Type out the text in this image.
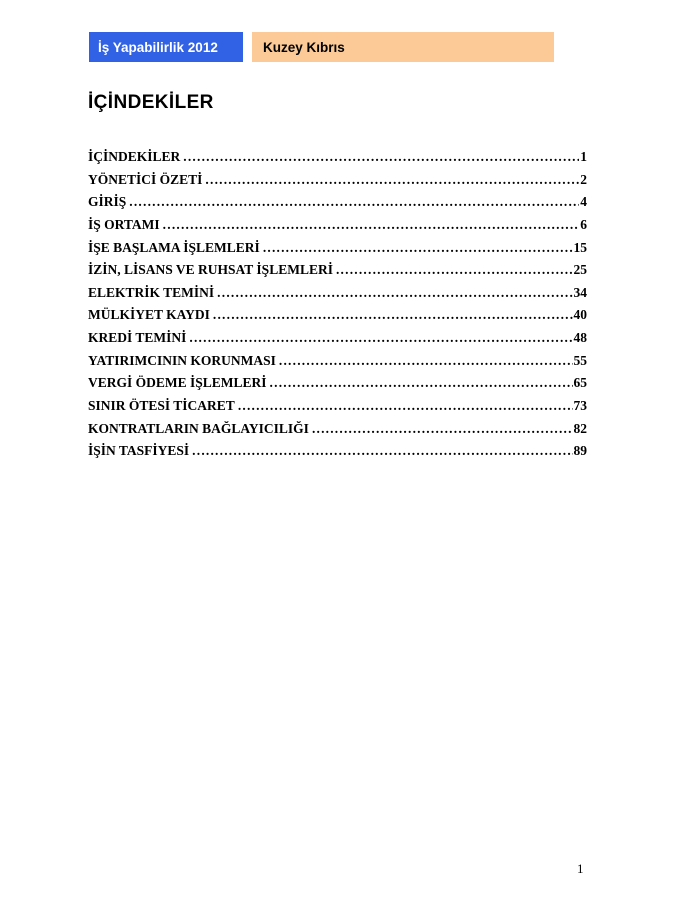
İş Yapabilirlik 2012	Kuzey Kıbrıs
İÇİNDEKİLER
İÇİNDEKİLER .....	1
YÖNETİCİ ÖZETİ .....	2
GİRİŞ .....	4
İŞ ORTAMI .....	6
İŞE BAŞLAMA İŞLEMLERİ .....	15
İZİN, LİSANS VE RUHSAT İŞLEMLERİ .....	25
ELEKTRİK TEMİNİ .....	34
MÜLKİYET KAYDI .....	40
KREDİ TEMİNİ .....	48
YATIRIMCININ KORUNMASI .....	55
VERGİ ÖDEME İŞLEMLERİ .....	65
SINIR ÖTESİ TİCARET .....	73
KONTRATLARIN BAĞLAYICILIĞI .....	82
İŞİN TASFİYESİ .....	89
1
